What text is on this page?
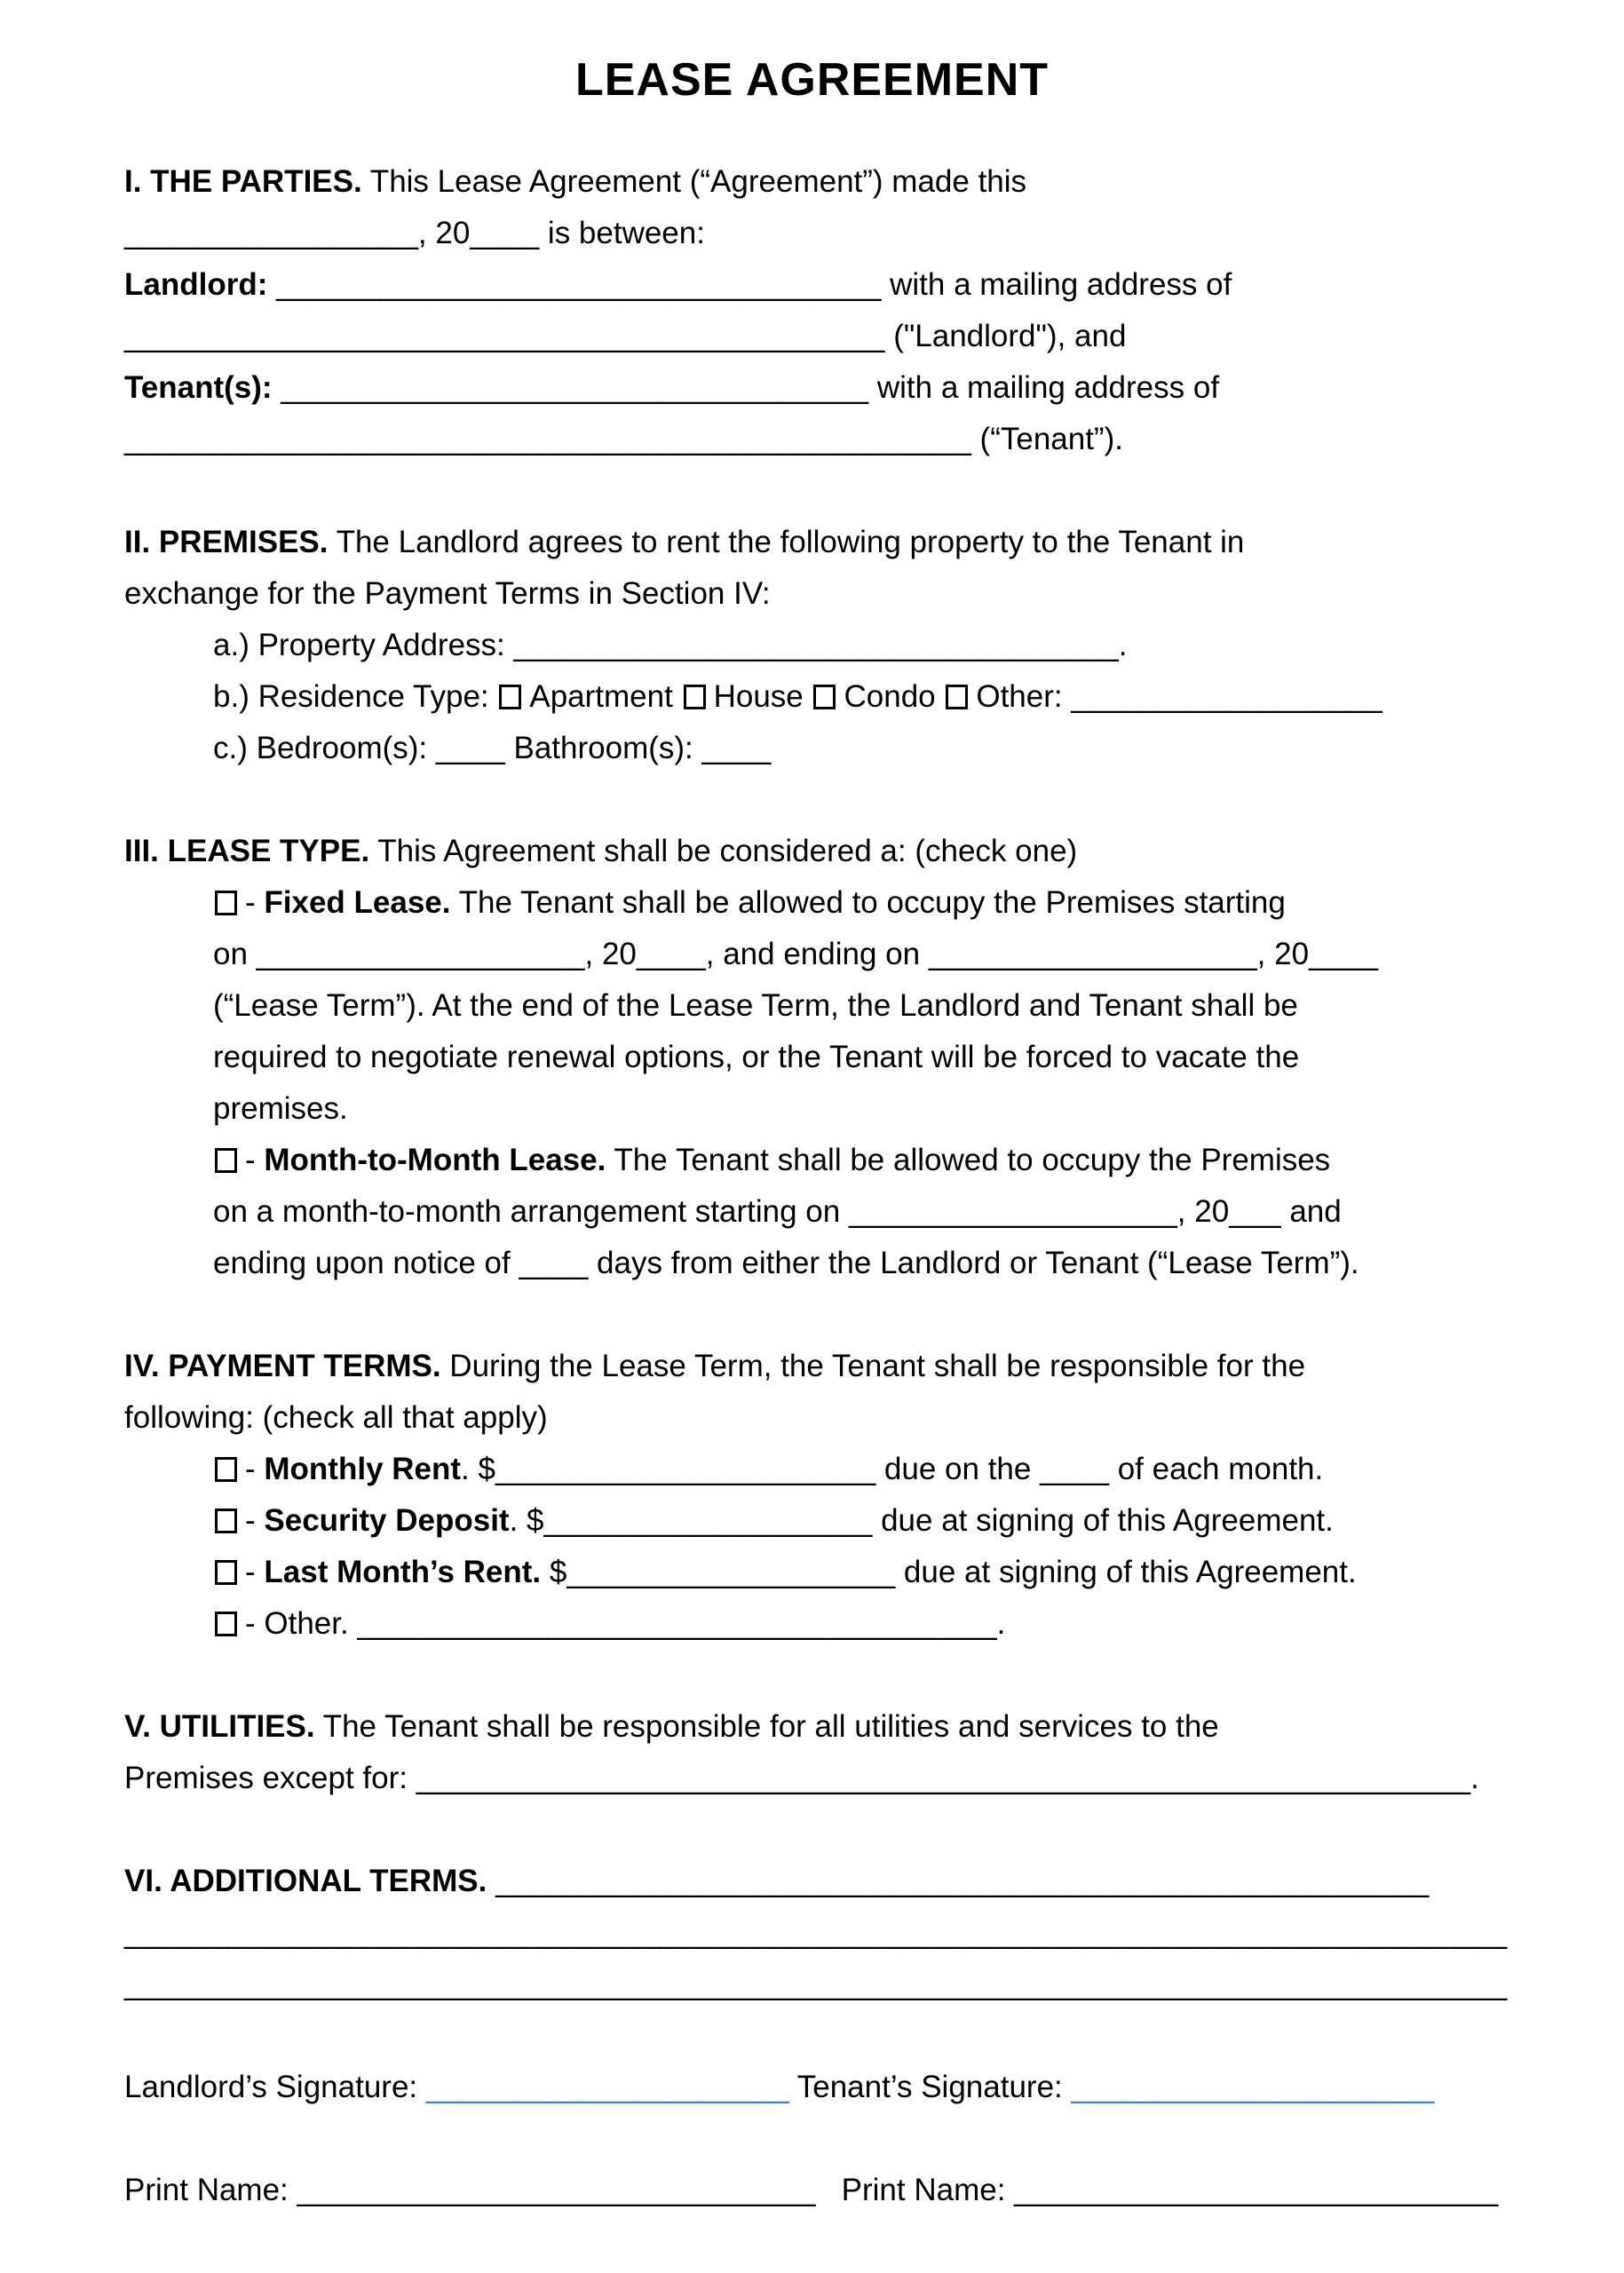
LEASE AGREEMENT
I. THE PARTIES. This Lease Agreement (“Agreement”) made this
_________________, 20____ is between:
Landlord: ___________________________________ with a mailing address of
____________________________________________ ("Landlord"), and
Tenant(s): __________________________________ with a mailing address of
_________________________________________________ (“Tenant”).
II. PREMISES. The Landlord agrees to rent the following property to the Tenant in
exchange for the Payment Terms in Section IV:
a.) Property Address: ___________________________________.
b.) Residence Type: Apartment House Condo Other: __________________
c.) Bedroom(s): ____ Bathroom(s): ____
III. LEASE TYPE. This Agreement shall be considered a: (check one)
- Fixed Lease. The Tenant shall be allowed to occupy the Premises starting
on ___________________, 20____, and ending on ___________________, 20____
(“Lease Term”). At the end of the Lease Term, the Landlord and Tenant shall be
required to negotiate renewal options, or the Tenant will be forced to vacate the
premises.
- Month-to-Month Lease. The Tenant shall be allowed to occupy the Premises
on a month-to-month arrangement starting on ___________________, 20___ and
ending upon notice of ____ days from either the Landlord or Tenant (“Lease Term”).
IV. PAYMENT TERMS. During the Lease Term, the Tenant shall be responsible for the
following: (check all that apply)
- Monthly Rent. $______________________ due on the ____ of each month.
- Security Deposit. $___________________ due at signing of this Agreement.
- Last Month’s Rent. $___________________ due at signing of this Agreement.
- Other. _____________________________________.
V. UTILITIES. The Tenant shall be responsible for all utilities and services to the
Premises except for: _____________________________________________________________.
VI. ADDITIONAL TERMS. ______________________________________________________
________________________________________________________________________________
________________________________________________________________________________
Landlord’s Signature: _____________________ Tenant’s Signature: _____________________
Print Name: ______________________________ Print Name: ____________________________
